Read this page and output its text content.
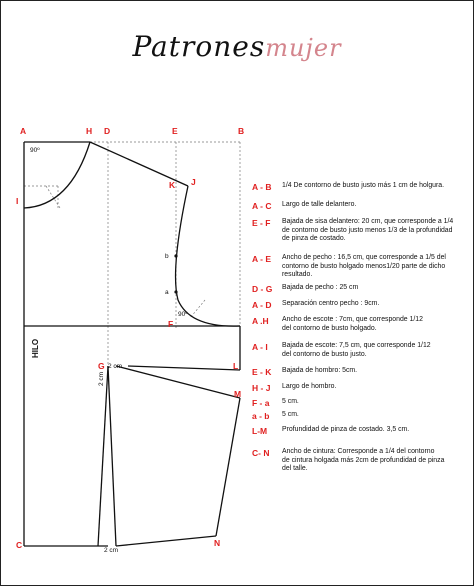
Patronesmujer
A	H D	E	B
I
K J
F
G	L
M
C	N
b
a
90º
90º
2 cm
2 cm
2 cm
HILO
A - B	1/4 De contorno de busto justo más 1 cm de holgura.
A - C	Largo de talle delantero.
E - F	Bajada de sisa delantero: 20 cm, que corresponde a 1/4
de contorno de busto justo menos 1/3 de la profundidad
de pinza de costado.
A - E	Ancho de pecho : 16,5 cm, que corresponde a 1/5 del
contorno de busto holgado menos1/20 parte de dicho
resultado.
D - G	Bajada de pecho : 25 cm
A - D	Separación centro pecho : 9cm.
A .H	Ancho de escote : 7cm, que corresponde 1/12
del contorno de busto holgado.
A - I	Bajada de escote: 7,5 cm, que corresponde 1/12
del contorno de busto justo.
E - K	Bajada de hombro: 5cm.
H - J	Largo de hombro.
F - a	5 cm.
a - b	5 cm.
L-M	Profundidad de pinza de costado. 3,5 cm.
C- N	Ancho de cintura: Corresponde a 1/4 del contorno
de cintura holgada más 2cm de profundidad de pinza
del talle.
